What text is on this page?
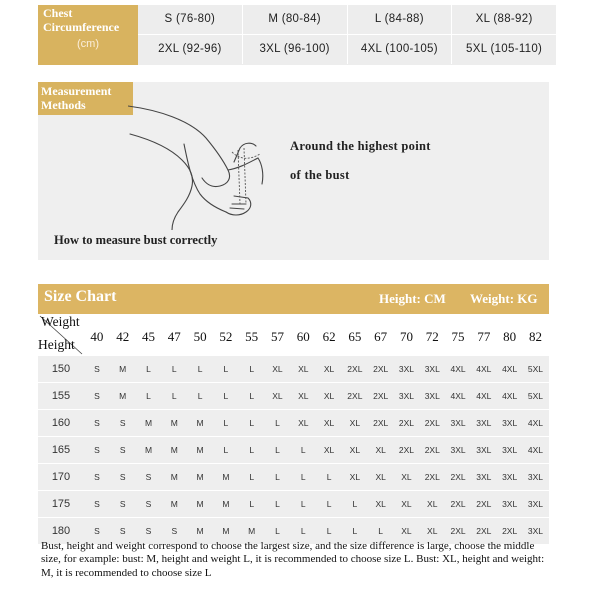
Chest Circumference
(cm)
S (76-80)	M (80-84)	L (84-88)	XL (88-92)
2XL (92-96)	3XL (96-100)	4XL (100-105)	5XL (105-110)
Measurement Methods
Around the highest point
of the bust
How to measure bust correctly
Size Chart	Height: CM Weight: KG
Weight
Height
40 42 45 47 50 52 55 57 60 62 65 67 70 72 75 77 80 82
150	S	M	L	L	L	L	L	XL	XL	XL	2XL	2XL	3XL	3XL	4XL	4XL	4XL	5XL
155	S	M	L	L	L	L	L	XL	XL	XL	2XL	2XL	3XL	3XL	4XL	4XL	4XL	5XL
160	S	S	M	M	M	L	L	L	XL	XL	XL	2XL	2XL	2XL	3XL	3XL	3XL	4XL
165	S	S	M	M	M	L	L	L	L	XL	XL	XL	2XL	2XL	3XL	3XL	3XL	4XL
170	S	S	S	M	M	M	L	L	L	L	XL	XL	XL	2XL	2XL	3XL	3XL	3XL
175	S	S	S	M	M	M	L	L	L	L	L	XL	XL	XL	2XL	2XL	3XL	3XL
180	S	S	S	S	M	M	M	L	L	L	L	L	XL	XL	2XL	2XL	2XL	3XL
Bust, height and weight correspond to choose the largest size, and the size difference is large, choose the middle size, for example: bust: M, height and weight L, it is recommended to choose size L. Bust: XL, height and weight: M, it is recommended to choose size L
